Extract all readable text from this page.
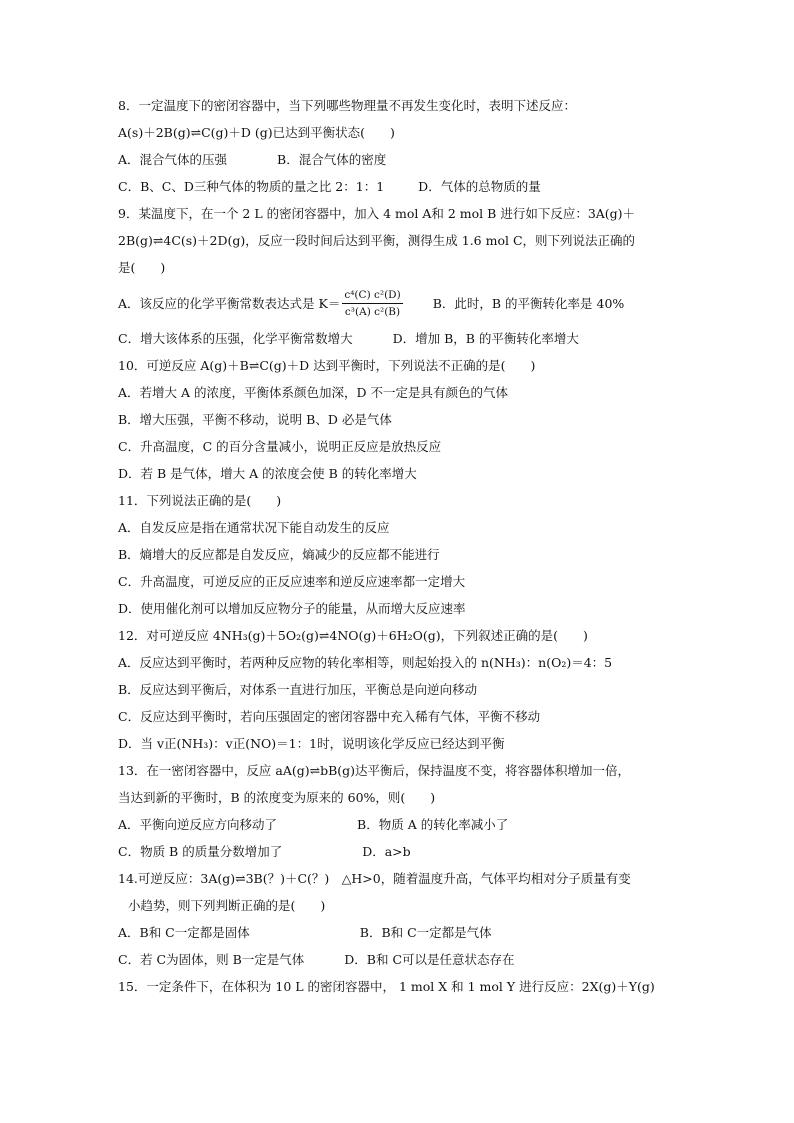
8．一定温度下的密闭容器中，当下列哪些物理量不再发生变化时，表明下述反应：
A(s)＋2B(g)⇌C(g)＋D (g)已达到平衡状态(　　)
A．混合气体的压强	B．混合气体的密度
C．B、C、D三种气体的物质的量之比 2：1：1	D．气体的总物质的量
9．某温度下，在一个 2 L 的密闭容器中，加入 4 mol A和 2 mol B 进行如下反应：3A(g)＋
2B(g)⇌4C(s)＋2D(g)，反应一段时间后达到平衡，测得生成 1.6 mol C，则下列说法正确的
是(　　)
A．该反应的化学平衡常数表达式是 $K= \frac{\text{c⁴(C) c²(D)}}{\text{c³(A) c²(B)}}$ B．此时，B 的平衡转化率是 40%
C．增大该体系的压强，化学平衡常数增大	D．增加 B，B 的平衡转化率增大
10．可逆反应 A(g)＋B⇌C(g)＋D 达到平衡时，下列说法不正确的是(　　)
A．若增大 A 的浓度，平衡体系颜色加深，D 不一定是具有颜色的气体
B．增大压强，平衡不移动，说明 B、D 必是气体
C．升高温度，C 的百分含量减小，说明正反应是放热反应
D．若 B 是气体，增大 A 的浓度会使 B 的转化率增大
11．下列说法正确的是(　　)
A．自发反应是指在通常状况下能自动发生的反应
B．熵增大的反应都是自发反应，熵减少的反应都不能进行
C．升高温度，可逆反应的正反应速率和逆反应速率都一定增大
D．使用催化剂可以增加反应物分子的能量，从而增大反应速率
12．对可逆反应 4NH₃(g)＋5O₂(g)⇌4NO(g)＋6H₂O(g)，下列叙述正确的是(　　)
A．反应达到平衡时，若两种反应物的转化率相等，则起始投入的 n(NH₃)：n(O₂)＝4：5
B．反应达到平衡后，对体系一直进行加压，平衡总是向逆向移动
C．反应达到平衡时，若向压强固定的密闭容器中充入稀有气体，平衡不移动
D．当 v正(NH₃)：v正(NO)＝1：1时，说明该化学反应已经达到平衡
13．在一密闭容器中，反应 aA(g)⇌bB(g)达平衡后，保持温度不变，将容器体积增加一倍，
当达到新的平衡时，B 的浓度变为原来的 60%，则(　　)
A．平衡向逆反应方向移动了	B．物质 A 的转化率减小了
C．物质 B 的质量分数增加了	D．a>b
14.可逆反应：3A(g)⇌3B(？)＋C(？)　△H>0，随着温度升高，气体平均相对分子质量有变
小趋势，则下列判断正确的是(　　)
A．B和 C一定都是固体	B．B和 C一定都是气体
C．若 C为固体，则 B一定是气体	D．B和 C可以是任意状态存在
15．一定条件下，在体积为 10 L 的密闭容器中， 1 mol X 和 1 mol Y 进行反应：2X(g)＋Y(g)
